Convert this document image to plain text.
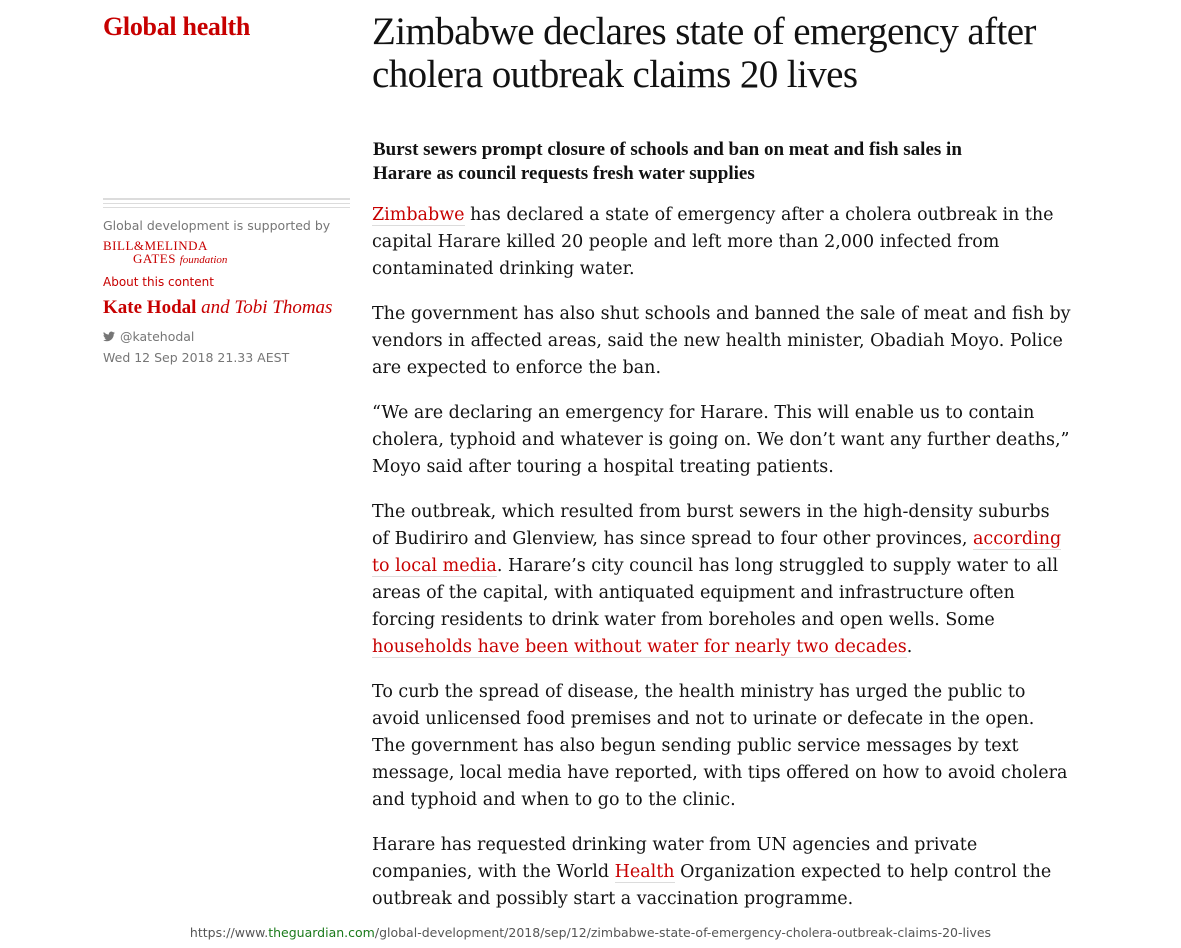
Global health	Zimbabwe declares state of emergency after cholera outbreak claims 20 lives

Burst sewers prompt closure of schools and ban on meat and fish sales in Harare as council requests fresh water supplies

Global development is supported by
BILL&MELINDA
GATES foundation
About this content
Kate Hodal and Tobi Thomas
@katehodal
Wed 12 Sep 2018 21.33 AEST

Zimbabwe has declared a state of emergency after a cholera outbreak in the capital Harare killed 20 people and left more than 2,000 infected from contaminated drinking water.

The government has also shut schools and banned the sale of meat and fish by vendors in affected areas, said the new health minister, Obadiah Moyo. Police are expected to enforce the ban.

“We are declaring an emergency for Harare. This will enable us to contain cholera, typhoid and whatever is going on. We don’t want any further deaths,” Moyo said after touring a hospital treating patients.

The outbreak, which resulted from burst sewers in the high-density suburbs of Budiriro and Glenview, has since spread to four other provinces, according to local media. Harare’s city council has long struggled to supply water to all areas of the capital, with antiquated equipment and infrastructure often forcing residents to drink water from boreholes and open wells. Some households have been without water for nearly two decades.

To curb the spread of disease, the health ministry has urged the public to avoid unlicensed food premises and not to urinate or defecate in the open. The government has also begun sending public service messages by text message, local media have reported, with tips offered on how to avoid cholera and typhoid and when to go to the clinic.

Harare has requested drinking water from UN agencies and private companies, with the World Health Organization expected to help control the outbreak and possibly start a vaccination programme.

https://www.theguardian.com/global-development/2018/sep/12/zimbabwe-state-of-emergency-cholera-outbreak-claims-20-lives
